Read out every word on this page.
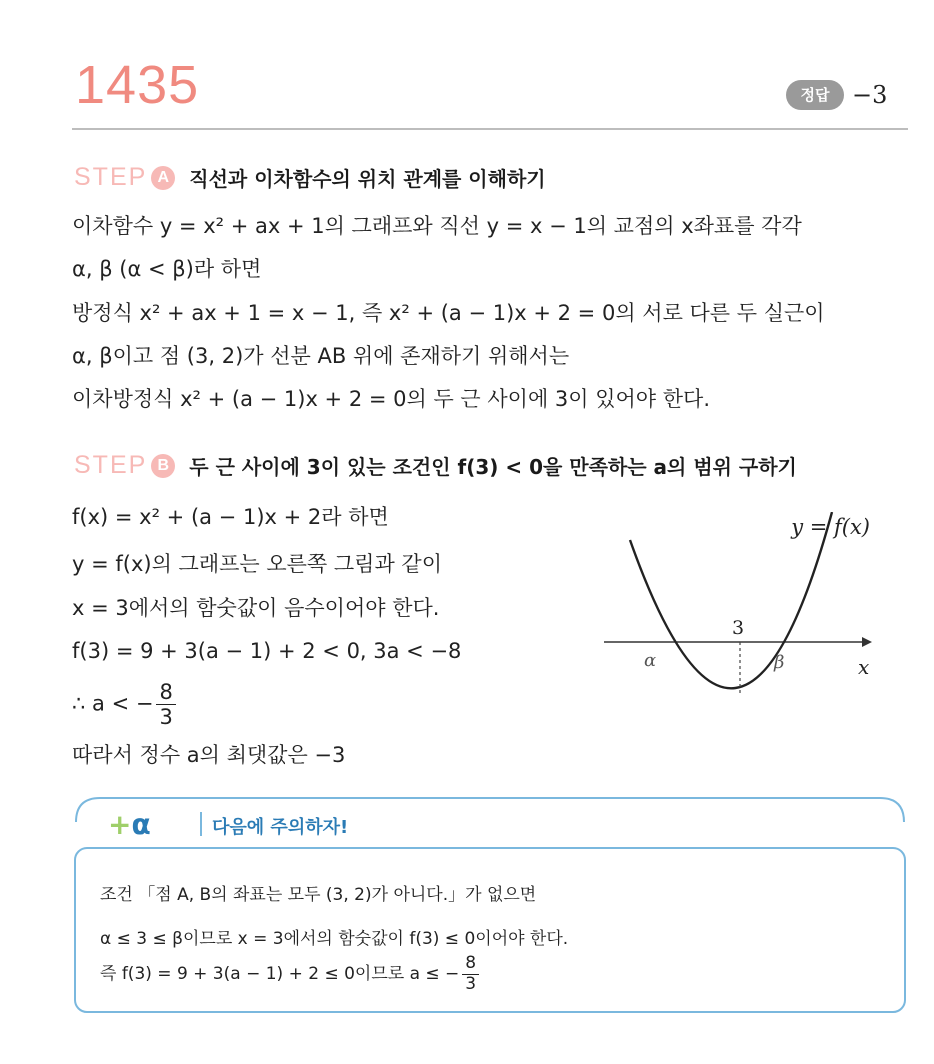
1435	정답 −3
STEP A	직선과 이차함수의 위치 관계를 이해하기
이차함수 y = x² + ax + 1의 그래프와 직선 y = x − 1의 교점의 x좌표를 각각
α, β (α < β)라 하면
방정식 x² + ax + 1 = x − 1, 즉 x² + (a − 1)x + 2 = 0의 서로 다른 두 실근이
α, β이고 점 (3, 2)가 선분 AB 위에 존재하기 위해서는
이차방정식 x² + (a − 1)x + 2 = 0의 두 근 사이에 3이 있어야 한다.
STEP B	두 근 사이에 3이 있는 조건인 f(3) < 0을 만족하는 a의 범위 구하기
f(x) = x² + (a − 1)x + 2라 하면
y = f(x)의 그래프는 오른쪽 그림과 같이
x = 3에서의 함숫값이 음수이어야 한다.
f(3) = 9 + 3(a − 1) + 2 < 0, 3a < −8
∴ a < − $\frac{8}{3}$
따라서 정수 a의 최댓값은 −3
y = f(x)
x
3
α	β
+α	다음에 주의하자!
조건 「점 A, B의 좌표는 모두 (3, 2)가 아니다.」가 없으면
α ≤ 3 ≤ β이므로 x = 3에서의 함숫값이 f(3) ≤ 0이어야 한다.
즉 f(3) = 9 + 3(a − 1) + 2 ≤ 0이므로 a ≤ − $\frac{8}{3}$
